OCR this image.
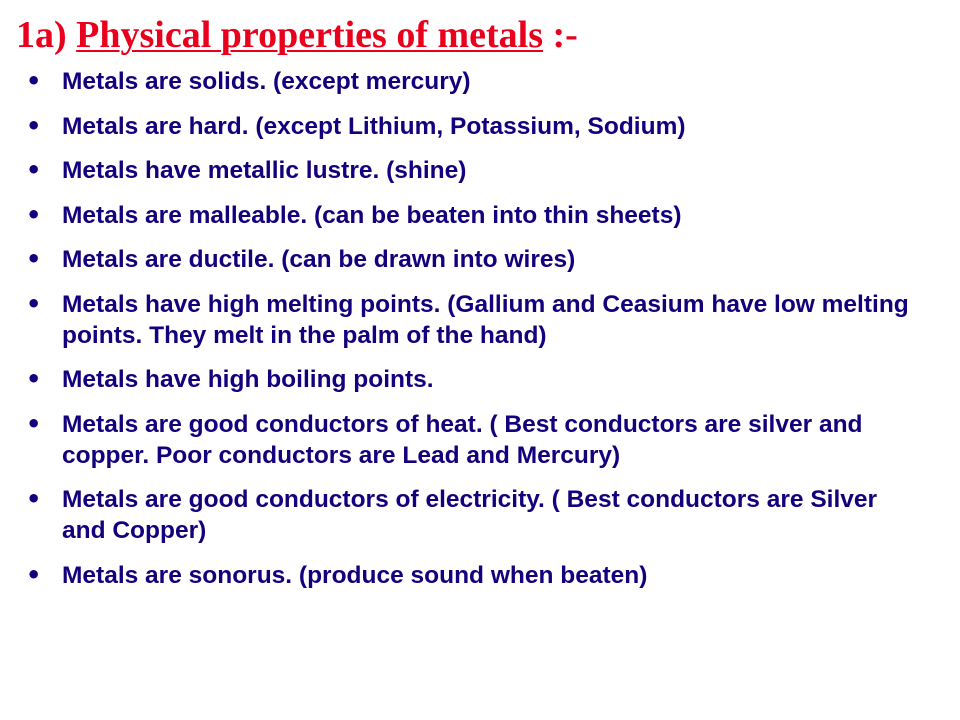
1a) Physical properties of metals :-
• Metals are solids. (except mercury)
• Metals are hard. (except Lithium, Potassium, Sodium)
• Metals have metallic lustre. (shine)
• Metals are malleable. (can be beaten into thin sheets)
• Metals are ductile. (can be drawn into wires)
• Metals have high melting points. (Gallium and Ceasium have low melting points. They melt in the palm of the hand)
• Metals have high boiling points.
• Metals are good conductors of heat. ( Best conductors are silver and copper. Poor conductors are Lead and Mercury)
• Metals are good conductors of electricity. ( Best conductors are Silver and Copper)
• Metals are sonorus. (produce sound when beaten)
